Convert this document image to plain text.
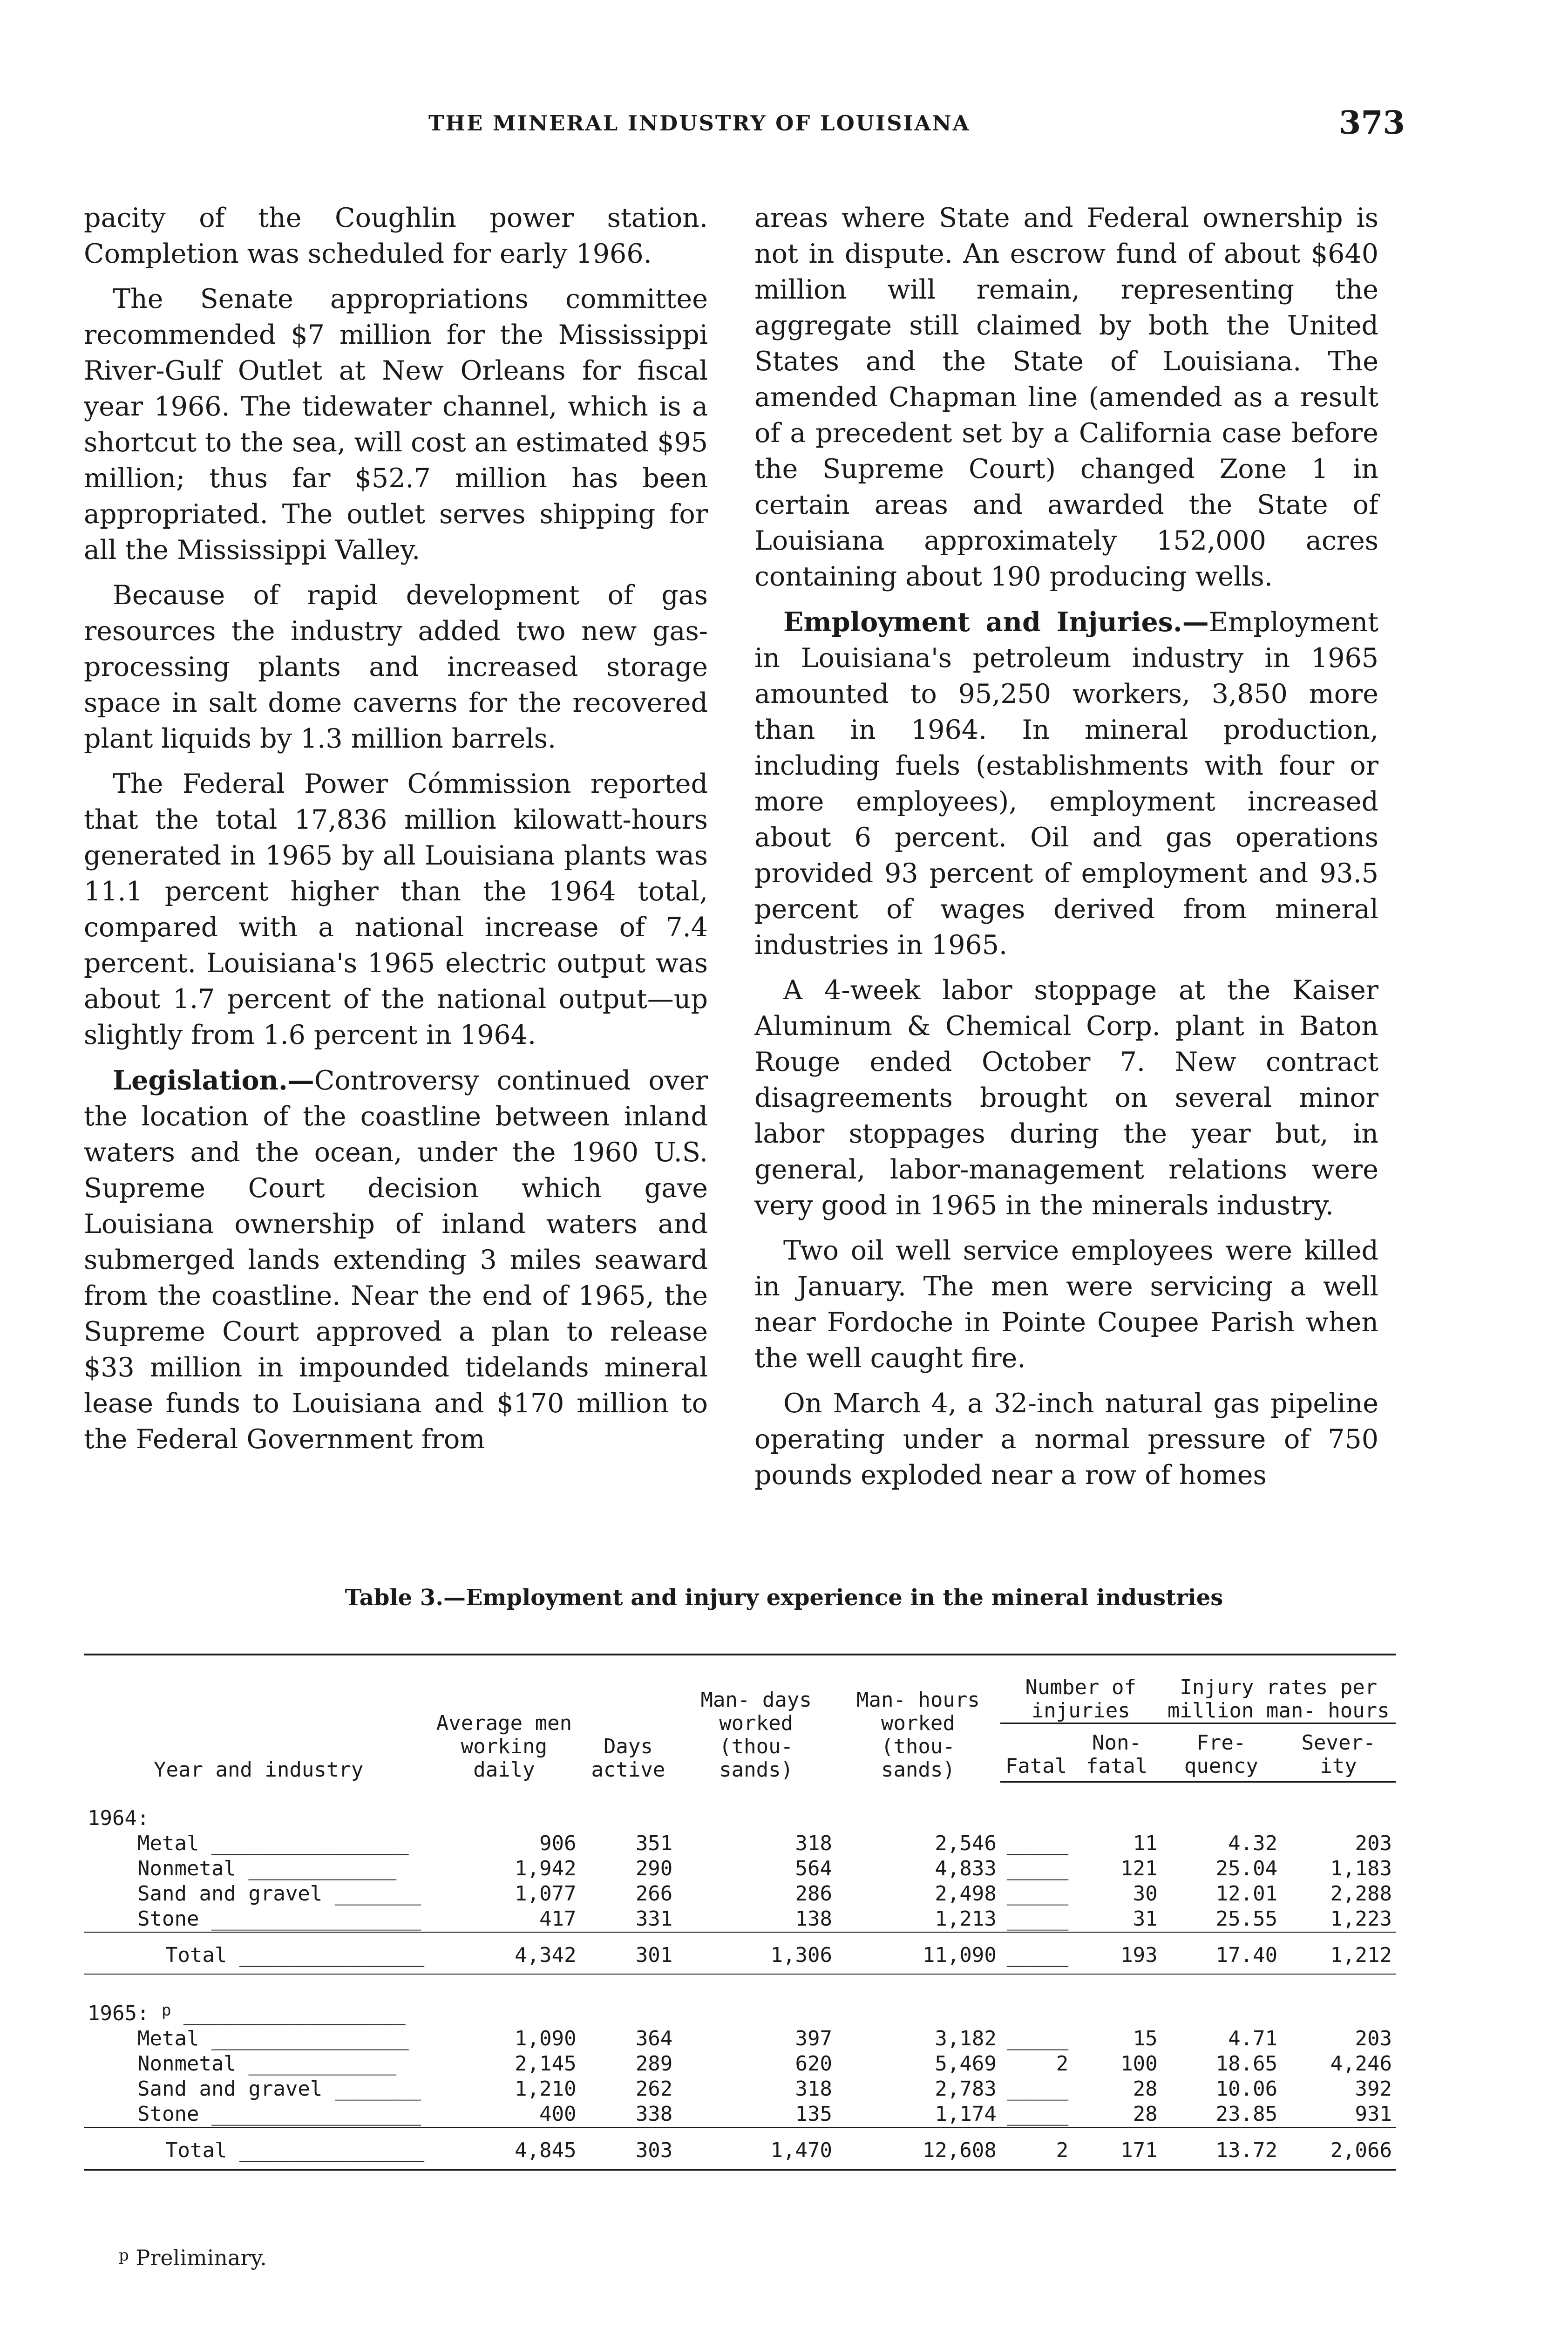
THE MINERAL INDUSTRY OF LOUISIANA	373

pacity of the Coughlin power station. Completion was scheduled for early 1966.

The Senate appropriations committee recommended $7 million for the Mississippi River-Gulf Outlet at New Orleans for fiscal year 1966. The tidewater channel, which is a shortcut to the sea, will cost an estimated $95 million; thus far $52.7 million has been appropriated. The outlet serves shipping for all the Mississippi Valley.

Because of rapid development of gas resources the industry added two new gas-processing plants and increased storage space in salt dome caverns for the recovered plant liquids by 1.3 million barrels.

The Federal Power Cómmission reported that the total 17,836 million kilowatt-hours generated in 1965 by all Louisiana plants was 11.1 percent higher than the 1964 total, compared with a national increase of 7.4 percent. Louisiana's 1965 electric output was about 1.7 percent of the national output—up slightly from 1.6 percent in 1964.

Legislation.—Controversy continued over the location of the coastline between inland waters and the ocean, under the 1960 U.S. Supreme Court decision which gave Louisiana ownership of inland waters and submerged lands extending 3 miles seaward from the coastline. Near the end of 1965, the Supreme Court approved a plan to release $33 million in impounded tidelands mineral lease funds to Louisiana and $170 million to the Federal Government from

areas where State and Federal ownership is not in dispute. An escrow fund of about $640 million will remain, representing the aggregate still claimed by both the United States and the State of Louisiana. The amended Chapman line (amended as a result of a precedent set by a California case before the Supreme Court) changed Zone 1 in certain areas and awarded the State of Louisiana approximately 152,000 acres containing about 190 producing wells.

Employment and Injuries.—Employment in Louisiana's petroleum industry in 1965 amounted to 95,250 workers, 3,850 more than in 1964. In mineral production, including fuels (establishments with four or more employees), employment increased about 6 percent. Oil and gas operations provided 93 percent of employment and 93.5 percent of wages derived from mineral industries in 1965.

A 4-week labor stoppage at the Kaiser Aluminum & Chemical Corp. plant in Baton Rouge ended October 7. New contract disagreements brought on several minor labor stoppages during the year but, in general, labor-management relations were very good in 1965 in the minerals industry.

Two oil well service employees were killed in January. The men were servicing a well near Fordoche in Pointe Coupee Parish when the well caught fire.

On March 4, a 32-inch natural gas pipeline operating under a normal pressure of 750 pounds exploded near a row of homes

Table 3.—Employment and injury experience in the mineral industries
Year and industry	Average men working daily	Days active	Man- days worked (thou- sands)	Man- hours worked (thou- sands)	Number of injuries		Injury rates per million man- hours	
					Fatal	Non- fatal	Fre- quency	Sever- ity

1964:								
Metal ________________	906	351	318	2,546	_____	11	4.32	203
Nonmetal ____________	1,942	290	564	4,833	_____	121	25.04	1,183
Sand and gravel _______	1,077	266	286	2,498	_____	30	12.01	2,288
Stone _________________	417	331	138	1,213	_____	31	25.55	1,223
Total _______________	4,342	301	1,306	11,090	_____	193	17.40	1,212

1965: $^p$ __________________								
Metal ________________	1,090	364	397	3,182	_____	15	4.71	203
Nonmetal ____________	2,145	289	620	5,469	2	100	18.65	4,246
Sand and gravel _______	1,210	262	318	2,783	_____	28	10.06	392
Stone _________________	400	338	135	1,174	_____	28	23.85	931
Total _______________	4,845	303	1,470	12,608	2	171	13.72	2,066
$^p$ Preliminary.
